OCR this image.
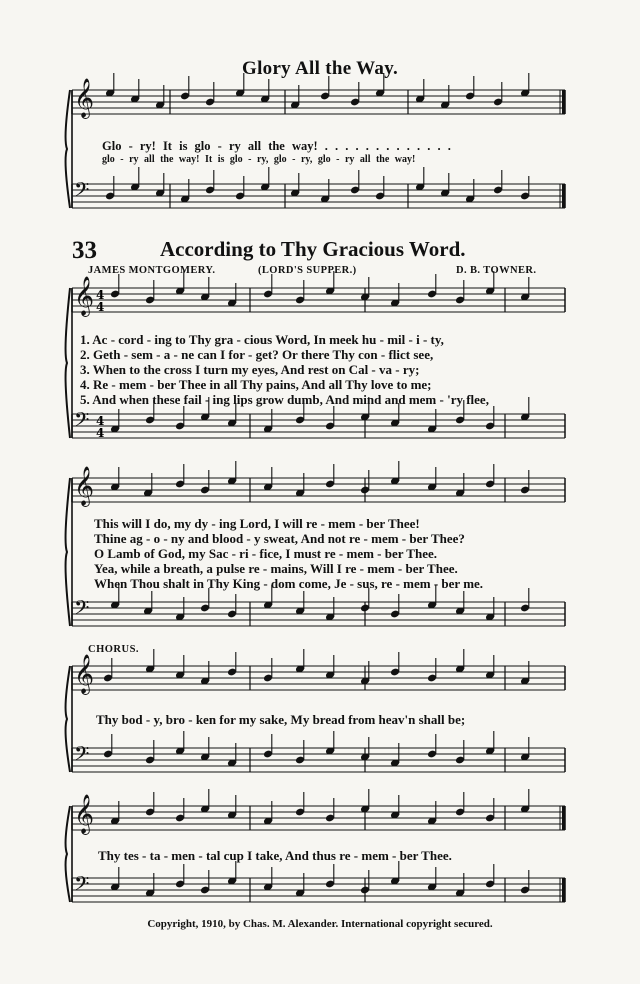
𝄞
𝄢
𝄞
𝄢
𝄞
𝄢
𝄞
𝄢
𝄞
𝄢
4
4
4
4
Glory All the Way.
Glo - ry! It is glo - ry all the way! . . . . . . . . . . . . .
glo - ry all the way! It is glo - ry, glo - ry, glo - ry all the way!
33	According to Thy Gracious Word.
JAMES MONTGOMERY.	(LORD'S SUPPER.)	D. B. TOWNER.
1. Ac - cord - ing to Thy gra - cious Word, In meek hu - mil - i - ty,
2. Geth - sem - a - ne can I for - get? Or there Thy con - flict see,
3. When to the cross I turn my eyes, And rest on Cal - va - ry;
4. Re - mem - ber Thee in all Thy pains, And all Thy love to me;
5. And when these fail - ing lips grow dumb, And mind and mem - 'ry flee,
This will I do, my dy - ing Lord, I will re - mem - ber Thee!
Thine ag - o - ny and blood - y sweat, And not re - mem - ber Thee?
O Lamb of God, my Sac - ri - fice, I must re - mem - ber Thee.
Yea, while a breath, a pulse re - mains, Will I re - mem - ber Thee.
When Thou shalt in Thy King - dom come, Je - sus, re - mem - ber me.
CHORUS.
Thy bod - y, bro - ken for my sake, My bread from heav'n shall be;
Thy tes - ta - men - tal cup I take, And thus re - mem - ber Thee.
Copyright, 1910, by Chas. M. Alexander. International copyright secured.
